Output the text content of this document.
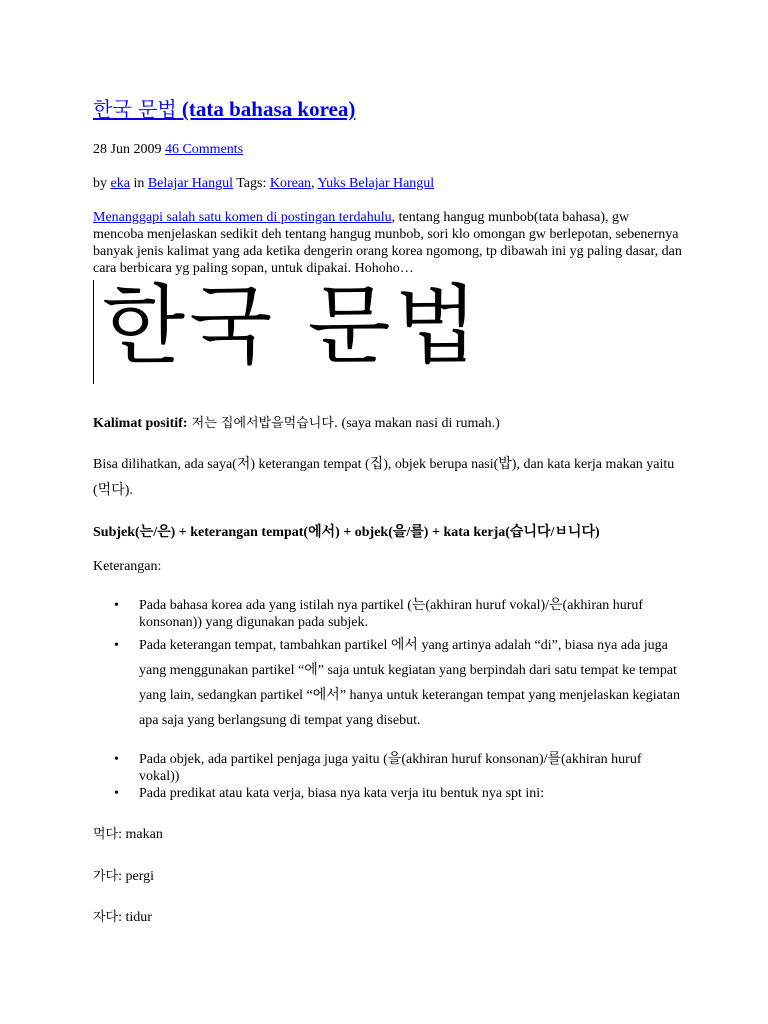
한국 문법 (tata bahasa korea)
28 Jun 2009 46 Comments
by eka in Belajar Hangul Tags: Korean, Yuks Belajar Hangul

Menanggapi salah satu komen di postingan terdahulu, tentang hangug munbob(tata bahasa), gw mencoba menjelaskan sedikit deh tentang hangug munbob, sori klo omongan gw berlepotan, sebenernya banyak jenis kalimat yang ada ketika dengerin orang korea ngomong, tp dibawah ini yg paling dasar, dan cara berbicara yg paling sopan, untuk dipakai. Hohoho…

한국 문법

Kalimat positif: 저는 집에서밥을먹습니다. (saya makan nasi di rumah.)

Bisa dilihatkan, ada saya(저) keterangan tempat (집), objek berupa nasi(밥), dan kata kerja makan yaitu (먹다).

Subjek(는/은) + keterangan tempat(에서) + objek(을/를) + kata kerja(습니다/ㅂ니다)

Keterangan:

• Pada bahasa korea ada yang istilah nya partikel (는(akhiran huruf vokal)/은(akhiran huruf konsonan)) yang digunakan pada subjek.
• Pada keterangan tempat, tambahkan partikel 에서 yang artinya adalah “di”, biasa nya ada juga yang menggunakan partikel “에” saja untuk kegiatan yang berpindah dari satu tempat ke tempat yang lain, sedangkan partikel “에서” hanya untuk keterangan tempat yang menjelaskan kegiatan apa saja yang berlangsung di tempat yang disebut.
• Pada objek, ada partikel penjaga juga yaitu (을(akhiran huruf konsonan)/를(akhiran huruf vokal))
• Pada predikat atau kata verja, biasa nya kata verja itu bentuk nya spt ini:
먹다: makan
가다: pergi
자다: tidur
